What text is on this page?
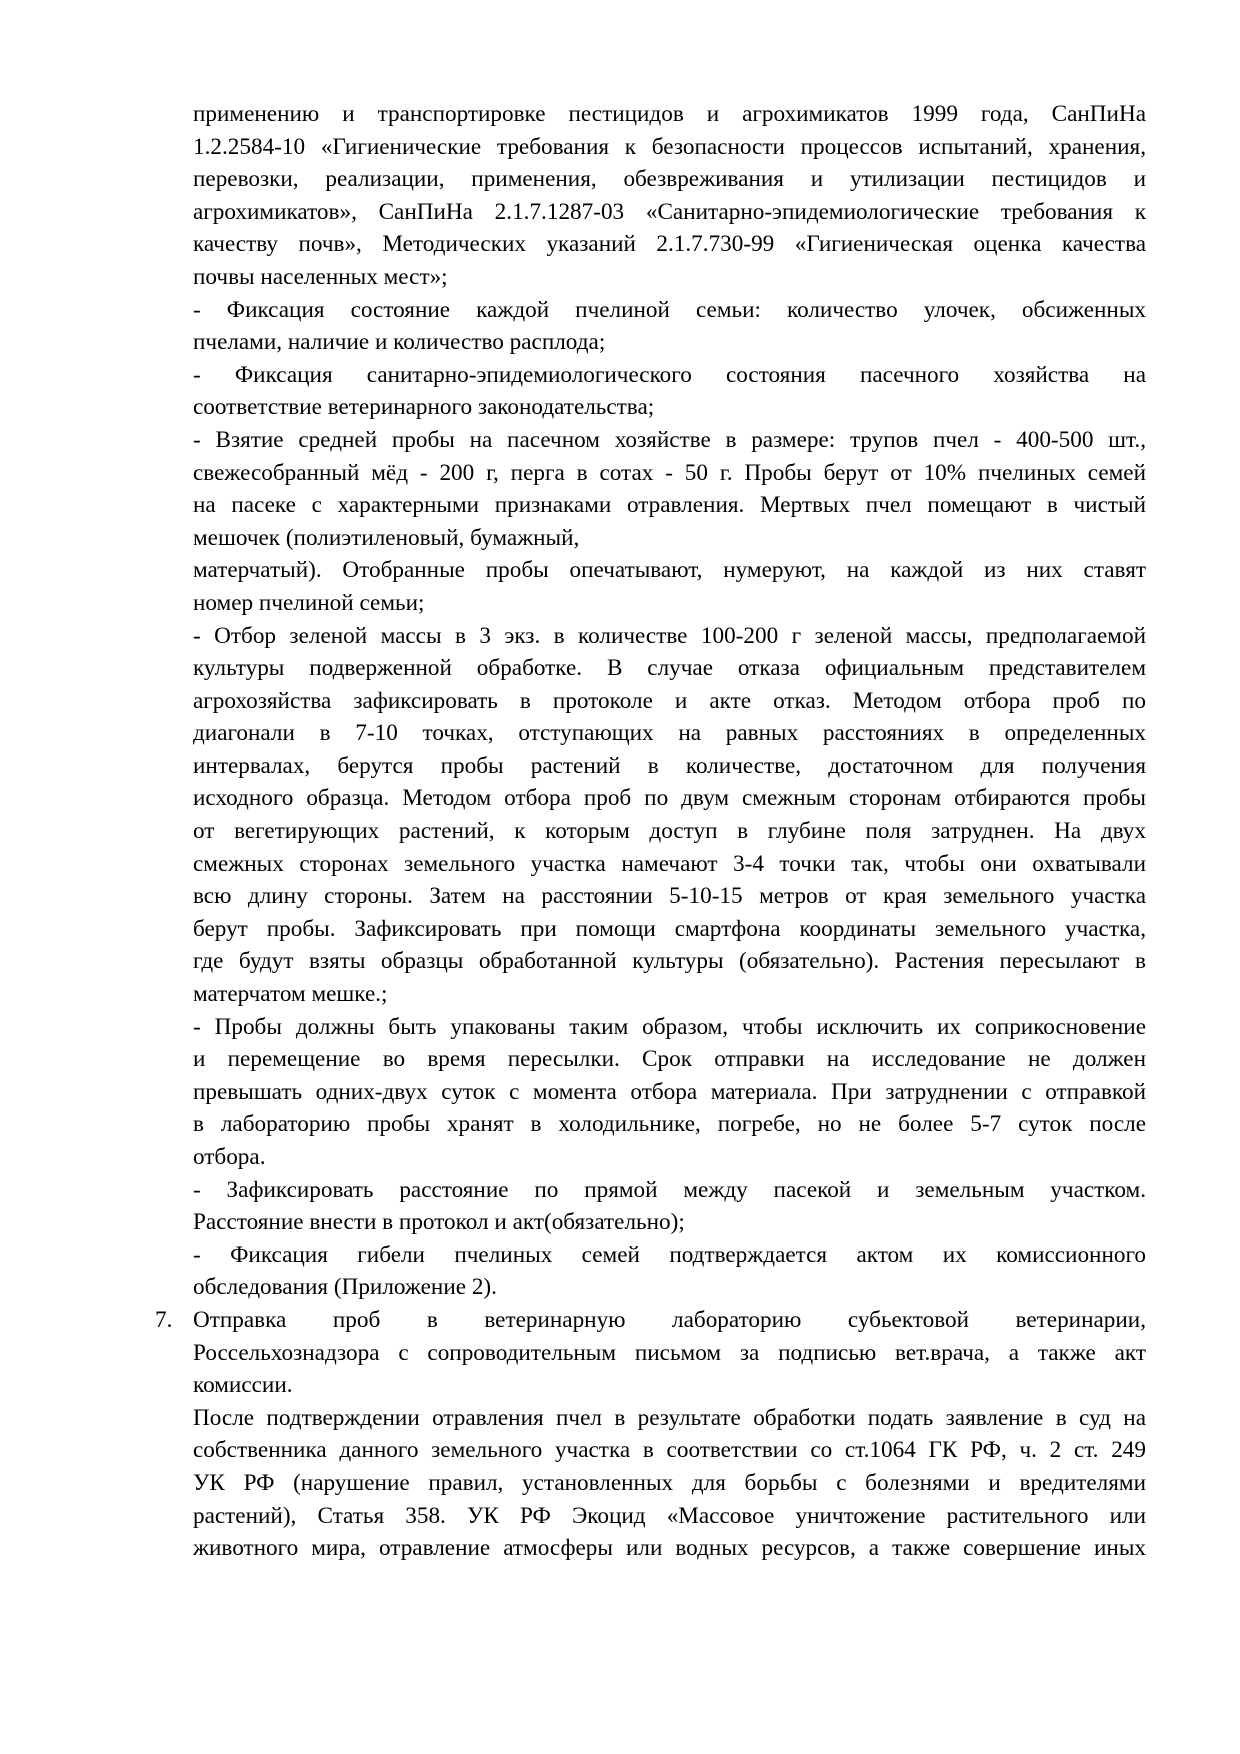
применению и транспортировке пестицидов и агрохимикатов 1999 года, СанПиНа
1.2.2584-10 «Гигиенические требования к безопасности процессов испытаний, хранения,
перевозки, реализации, применения, обезвреживания и утилизации пестицидов и
агрохимикатов», СанПиНа 2.1.7.1287-03 «Санитарно-эпидемиологические требования к
качеству почв», Методических указаний 2.1.7.730-99 «Гигиеническая оценка качества
почвы населенных мест»;
- Фиксация состояние каждой пчелиной семьи: количество улочек, обсиженных
пчелами, наличие и количество расплода;
- Фиксация санитарно-эпидемиологического состояния пасечного хозяйства на
соответствие ветеринарного законодательства;
- Взятие средней пробы на пасечном хозяйстве в размере: трупов пчел - 400-500 шт.,
свежесобранный мёд - 200 г, перга в сотах - 50 г. Пробы берут от 10% пчелиных семей
на пасеке с характерными признаками отравления. Мертвых пчел помещают в чистый
мешочек (полиэтиленовый, бумажный,
матерчатый). Отобранные пробы опечатывают, нумеруют, на каждой из них ставят
номер пчелиной семьи;
- Отбор зеленой массы в 3 экз. в количестве 100-200 г зеленой массы, предполагаемой
культуры подверженной обработке. В случае отказа официальным представителем
агрохозяйства зафиксировать в протоколе и акте отказ. Методом отбора проб по
диагонали в 7-10 точках, отступающих на равных расстояниях в определенных
интервалах, берутся пробы растений в количестве, достаточном для получения
исходного образца. Методом отбора проб по двум смежным сторонам отбираются пробы
от вегетирующих растений, к которым доступ в глубине поля затруднен. На двух
смежных сторонах земельного участка намечают 3-4 точки так, чтобы они охватывали
всю длину стороны. Затем на расстоянии 5-10-15 метров от края земельного участка
берут пробы. Зафиксировать при помощи смартфона координаты земельного участка,
где будут взяты образцы обработанной культуры (обязательно). Растения пересылают в
матерчатом мешке.;
- Пробы должны быть упакованы таким образом, чтобы исключить их соприкосновение
и перемещение во время пересылки. Срок отправки на исследование не должен
превышать одних-двух суток с момента отбора материала. При затруднении с отправкой
в лабораторию пробы хранят в холодильнике, погребе, но не более 5-7 суток после
отбора.
- Зафиксировать расстояние по прямой между пасекой и земельным участком.
Расстояние внести в протокол и акт(обязательно);
- Фиксация гибели пчелиных семей подтверждается актом их комиссионного
обследования (Приложение 2).
7. Отправка проб в ветеринарную лабораторию субьектовой ветеринарии,
Россельхознадзора с сопроводительным письмом за подписью вет.врача, а также акт
комиссии.
После подтверждении отравления пчел в результате обработки подать заявление в суд на
собственника данного земельного участка в соответствии со ст.1064 ГК РФ, ч. 2 ст. 249
УК РФ (нарушение правил, установленных для борьбы с болезнями и вредителями
растений), Статья 358. УК РФ Экоцид «Массовое уничтожение растительного или
животного мира, отравление атмосферы или водных ресурсов, а также совершение иных
